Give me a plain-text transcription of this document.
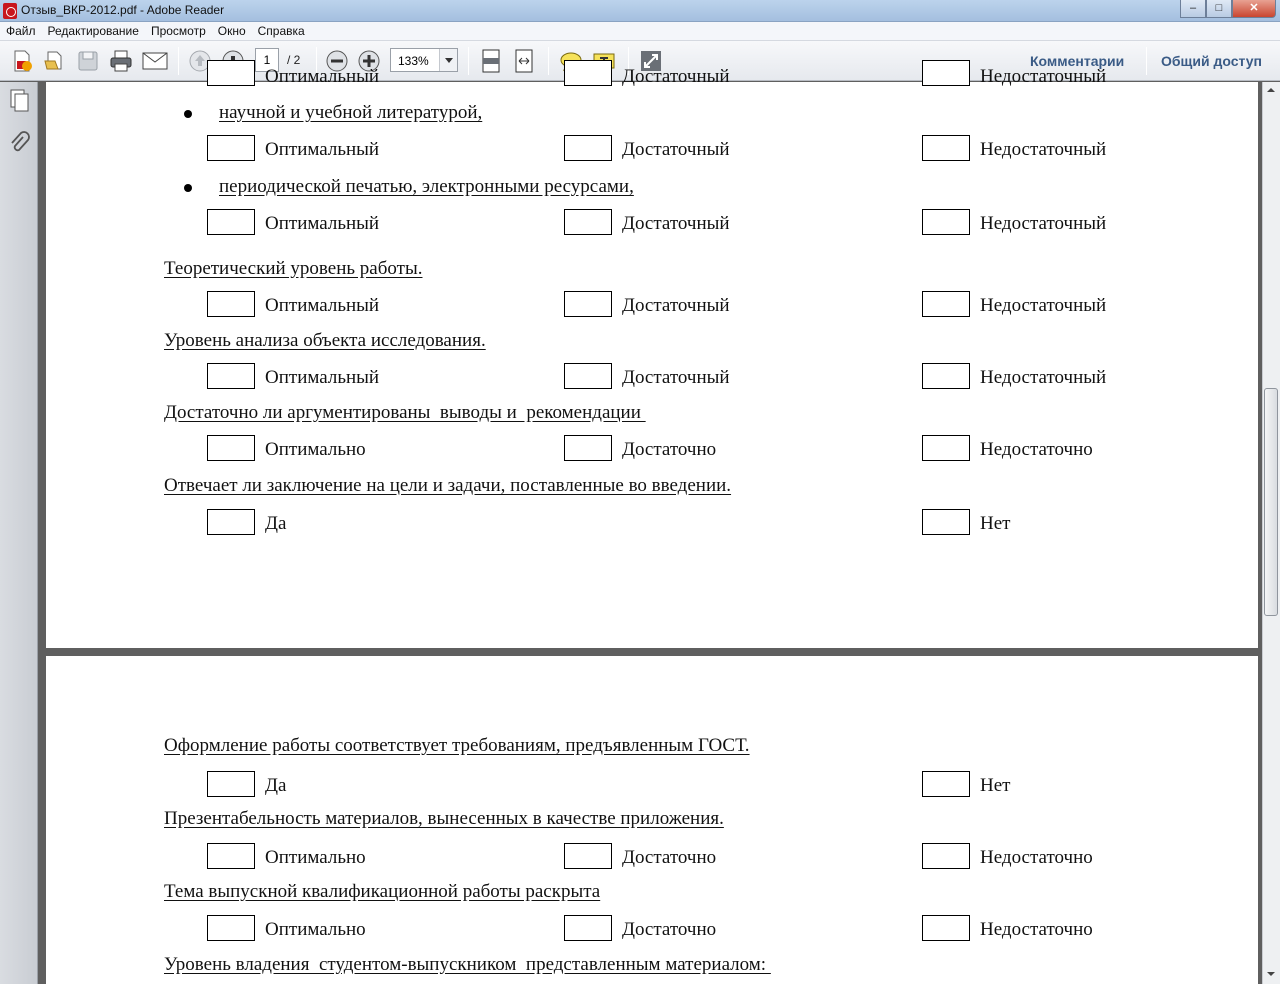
Отзыв_ВКР-2012.pdf - Adobe Reader	–	□	✕
Файл	Редактирование	Просмотр	Окно	Справка
1	/ 2	133%	Комментарии	Общий доступ
Оптимальный	Достаточный	Недостаточный
научной и учебной литературой,
Оптимальный	Достаточный	Недостаточный
периодической печатью, электронными ресурсами,
Оптимальный	Достаточный	Недостаточный
Теоретический уровень работы.
Оптимальный	Достаточный	Недостаточный
Уровень анализа объекта исследования.
Оптимальный	Достаточный	Недостаточный
Достаточно ли аргументированы  выводы и  рекомендации
Оптимально	Достаточно	Недостаточно
Отвечает ли заключение на цели и задачи, поставленные во введении.
Да	Нет
Оформление работы соответствует требованиям, предъявленным ГОСТ.
Да	Нет
Презентабельность материалов, вынесенных в качестве приложения.
Оптимально	Достаточно	Недостаточно
Тема выпускной квалификационной работы раскрыта
Оптимально	Достаточно	Недостаточно
Уровень владения  студентом-выпускником  представленным материалом:
